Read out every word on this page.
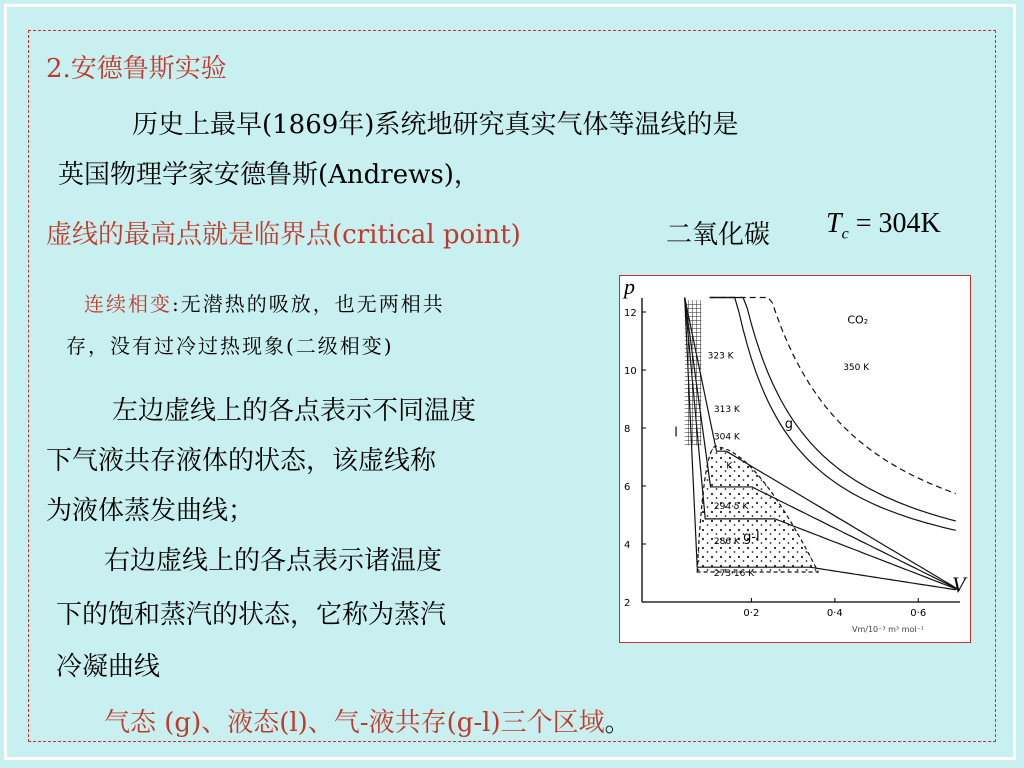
2.安德鲁斯实验
历史上最早(1869年)系统地研究真实气体等温线的是
英国物理学家安德鲁斯(Andrews)，
虚线的最高点就是临界点(critical point)	二氧化碳 $T_c = 304K$
连续相变:无潜热的吸放，也无两相共
存，没有过冷过热现象(二级相变)
左边虚线上的各点表示不同温度
下气液共存液体的状态，该虚线称
为液体蒸发曲线；
右边虚线上的各点表示诸温度
下的饱和蒸汽的状态，它称为蒸汽
冷凝曲线
气态 (g)、液态(l)、气-液共存(g-l)三个区域。
p
V
Vm/10⁻³ m³ mol⁻¹
12
10
8
6
4
2
0·2	0·4	0·6
273·16 K
286 K
294·5 K
304 K
313 K
323 K
350 K
CO₂
g
l
g-l
K
